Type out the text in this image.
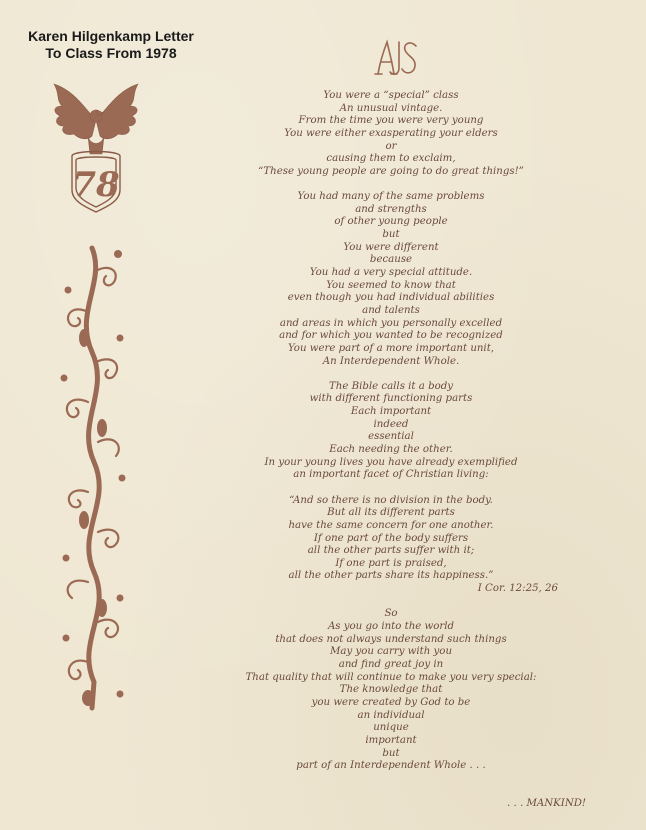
Karen Hilgenkamp Letter
To Class From 1978
78
You were a “special” class
An unusual vintage.
From the time you were very young
You were either exasperating your elders
or
causing them to exclaim,
“These young people are going to do great things!”
You had many of the same problems
and strengths
of other young people
but
You were different
because
You had a very special attitude.
You seemed to know that
even though you had individual abilities
and talents
and areas in which you personally excelled
and for which you wanted to be recognized
You were part of a more important unit,
An Interdependent Whole.
The Bible calls it a body
with different functioning parts
Each important
indeed
essential
Each needing the other.
In your young lives you have already exemplified
an important facet of Christian living:
“And so there is no division in the body.
But all its different parts
have the same concern for one another.
If one part of the body suffers
all the other parts suffer with it;
If one part is praised,
all the other parts share its happiness.”
I Cor. 12:25, 26
So
As you go into the world
that does not always understand such things
May you carry with you
and find great joy in
That quality that will continue to make you very special:
The knowledge that
you were created by God to be
an individual
unique
important
but
part of an Interdependent Whole . . .
. . . MANKIND!
